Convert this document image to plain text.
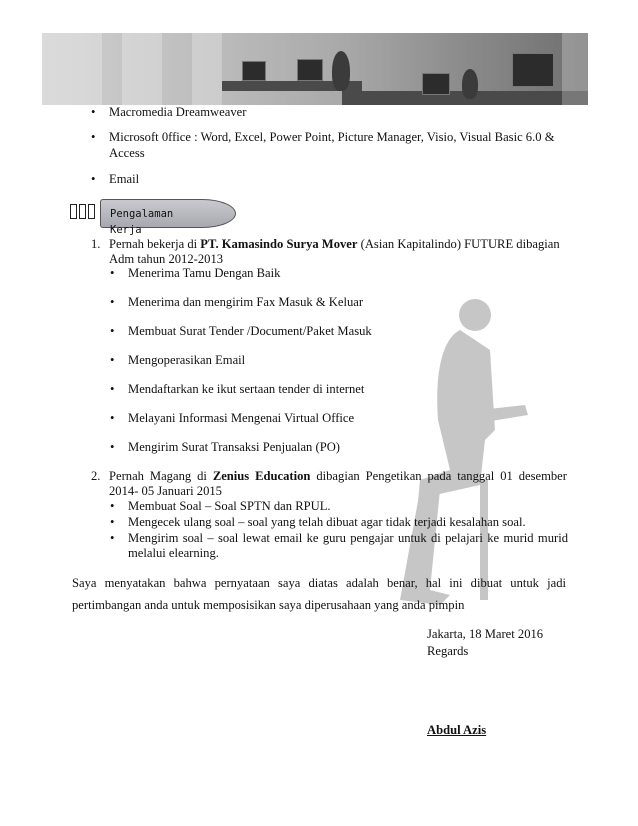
• Macromedia Dreamweaver
• Microsoft 0ffice : Word, Excel, Power Point, Picture Manager, Visio, Visual Basic 6.0 &
Access
• Email
Pengalaman
Kerja
1. Pernah bekerja di PT. Kamasindo Surya Mover (Asian Kapitalindo) FUTURE dibagian
Adm tahun 2012-2013
• Menerima Tamu Dengan Baik
• Menerima dan mengirim Fax Masuk & Keluar
• Membuat Surat Tender /Document/Paket Masuk
• Mengoperasikan Email
• Mendaftarkan ke ikut sertaan tender di internet
• Melayani Informasi Mengenai Virtual Office
• Mengirim Surat Transaksi Penjualan (PO)
2. Pernah Magang di Zenius Education dibagian Pengetikan pada tanggal 01 desember
2014- 05 Januari 2015
• Membuat Soal – Soal SPTN dan RPUL.
• Mengecek ulang soal – soal yang telah dibuat agar tidak terjadi kesalahan soal.
• Mengirim soal – soal lewat email ke guru pengajar untuk di pelajari ke murid murid
melalui elearning.
Saya menyatakan bahwa pernyataan saya diatas adalah benar, hal ini dibuat untuk jadi
pertimbangan anda untuk memposisikan saya diperusahaan yang anda pimpin
Jakarta, 18 Maret 2016
Regards
Abdul Azis
